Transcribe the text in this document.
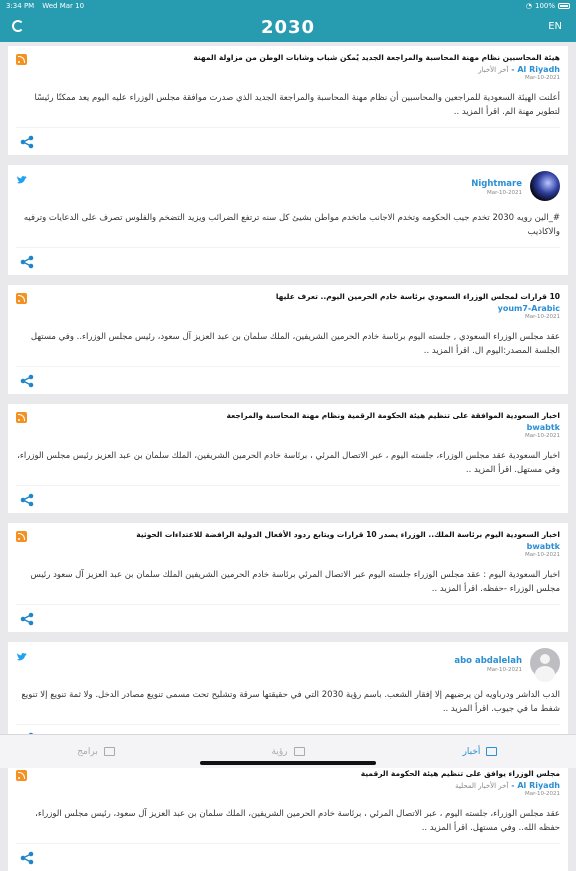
3:34 PM Wed Mar 10	◔ 100%
2030	EN
هيئة المحاسبين نظام مهنة المحاسبة والمراجعة الجديد يُمكن شباب وشابات الوطن من مزاولة المهنة
Al Riyadh - آخر الأخبار
Mar-10-2021
أعلنت الهيئة السعودية للمراجعين والمحاسبين أن نظام مهنة المحاسبة والمراجعة الجديد الذي صدرت موافقة مجلس الوزراء عليه اليوم يعد ممكنًا رئيسًا لتطوير مهنة الم. اقرأ المزيد ..
Nightmare
Mar-10-2021
#_الين رويه 2030 تخدم جيب الحكومه وتخدم الاجانب ماتخدم مواطن بشيئ كل سنه ترتفع الضرائب ويزيد التضخم والفلوس تصرف على الدعايات وترفيه والاكاذيب
10 قرارات لمجلس الوزراء السعودي برئاسة خادم الحرمين اليوم.. تعرف عليها
youm7-Arabic
Mar-10-2021
عقد مجلس الوزراء السعودي , جلسته اليوم برئاسة خادم الحرمين الشريفين، الملك سلمان بن عبد العزيز آل سعود، رئيس مجلس الوزراء.. وفي مستهل الجلسة المصدر:اليوم ال. اقرأ المزيد ..
اخبار السعودية الموافقة على تنظيم هيئة الحكومة الرقمية ونظام مهنة المحاسبة والمراجعة
bwabtk
Mar-10-2021
اخبار السعودية عقد مجلس الوزراء، جلسته اليوم ، عبر الاتصال المرئي ، برئاسة خادم الحرمين الشريفين، الملك سلمان بن عبد العزيز رئيس مجلس الوزراء، وفي مستهل. اقرأ المزيد ..
اخبار السعودية اليوم برئاسة الملك.. الوزراء يصدر 10 قرارات ويتابع ردود الأفعال الدولية الرافضة للاعتداءات الحوثية
bwabtk
Mar-10-2021
اخبار السعودية اليوم : عقد مجلس الوزراء جلسته اليوم عبر الاتصال المرئي برئاسة خادم الحرمين الشريفين الملك سلمان بن عبد العزيز آل سعود رئيس مجلس الوزراء -حفظه. اقرأ المزيد ..
abo abdalelah
Mar-10-2021
الدب الداشر ودرباويه لن يرضيهم إلا إفقار الشعب. باسم رؤية 2030 التي في حقيقتها سرقة وتشليح تحت مسمى تنويع مصادر الدخل. ولا ثمة تنويع إلا تنويع شفط ما في جيوب. اقرأ المزيد ..
مجلس الوزراء يوافق على تنظيم هيئة الحكومة الرقمية
Al Riyadh - آخر الأخبار المحلية
Mar-10-2021
عقد مجلس الوزراء، جلسته اليوم ، عبر الاتصال المرئي ، برئاسة خادم الحرمين الشريفين، الملك سلمان بن عبد العزيز آل سعود، رئيس مجلس الوزراء، حفظه الله.. وفي مستهل. اقرأ المزيد ..
أخبار
رؤية
برامج
